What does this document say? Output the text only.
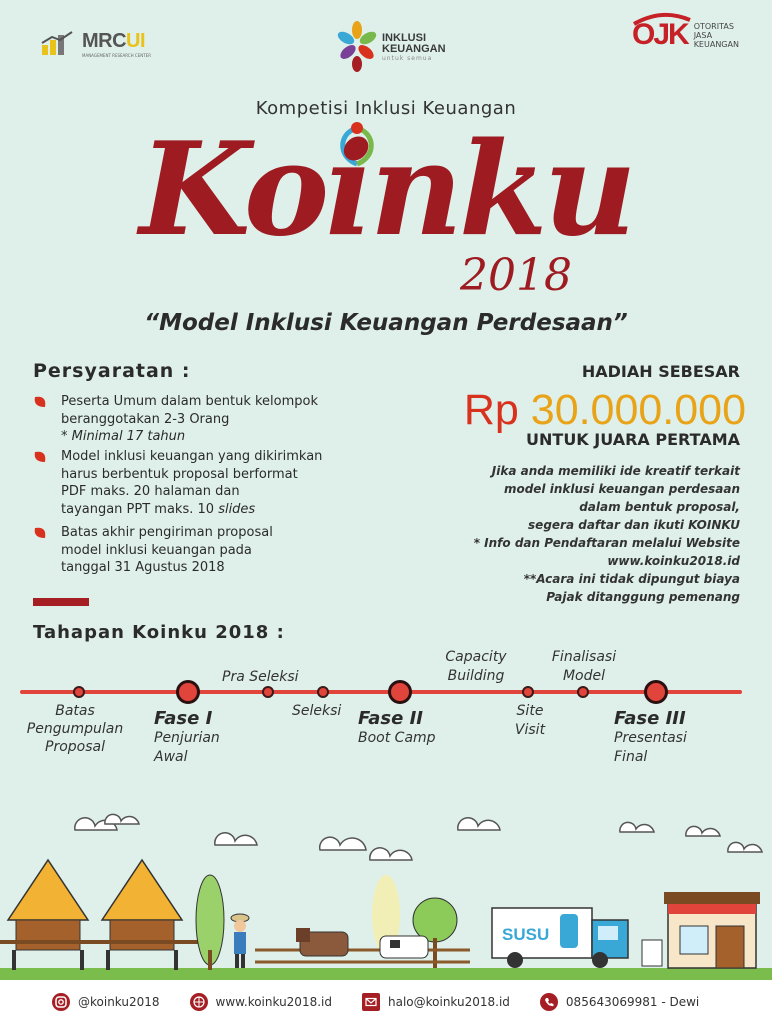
MRCUI
MANAGEMENT RESEARCH CENTER
INKLUSI
KEUANGAN
untuk semua
OJK OTORITAS
JASA
KEUANGAN
Kompetisi Inklusi Keuangan
Koinku
2018
“Model Inklusi Keuangan Perdesaan”
Persyaratan :
Peserta Umum dalam bentuk kelompok
beranggotakan 2-3 Orang
* Minimal 17 tahun
Model inklusi keuangan yang dikirimkan
harus berbentuk proposal berformat
PDF maks. 20 halaman dan
tayangan PPT maks. 10 slides
Batas akhir pengiriman proposal
model inklusi keuangan pada
tanggal 31 Agustus 2018
HADIAH SEBESAR
Rp 30.000.000
UNTUK JUARA PERTAMA

Jika anda memiliki ide kreatif terkait

model inklusi keuangan perdesaan

dalam bentuk proposal,

segera daftar dan ikuti KOINKU

* Info dan Pendaftaran melalui Website

www.koinku2018.id

**Acara ini tidak dipungut biaya

Pajak ditanggung pemenang

Tahapan Koinku 2018 :
Batas
Pengumpulan
Proposal
Fase I
Penjurian
Awal
Pra Seleksi
Seleksi Fase II
Boot Camp
Capacity
Building
Site
Visit
Finalisasi
Model
Fase III
Presentasi
Final
SUSU
@koinku2018	www.koinku2018.id	halo@koinku2018.id	085643069981 - Dewi
